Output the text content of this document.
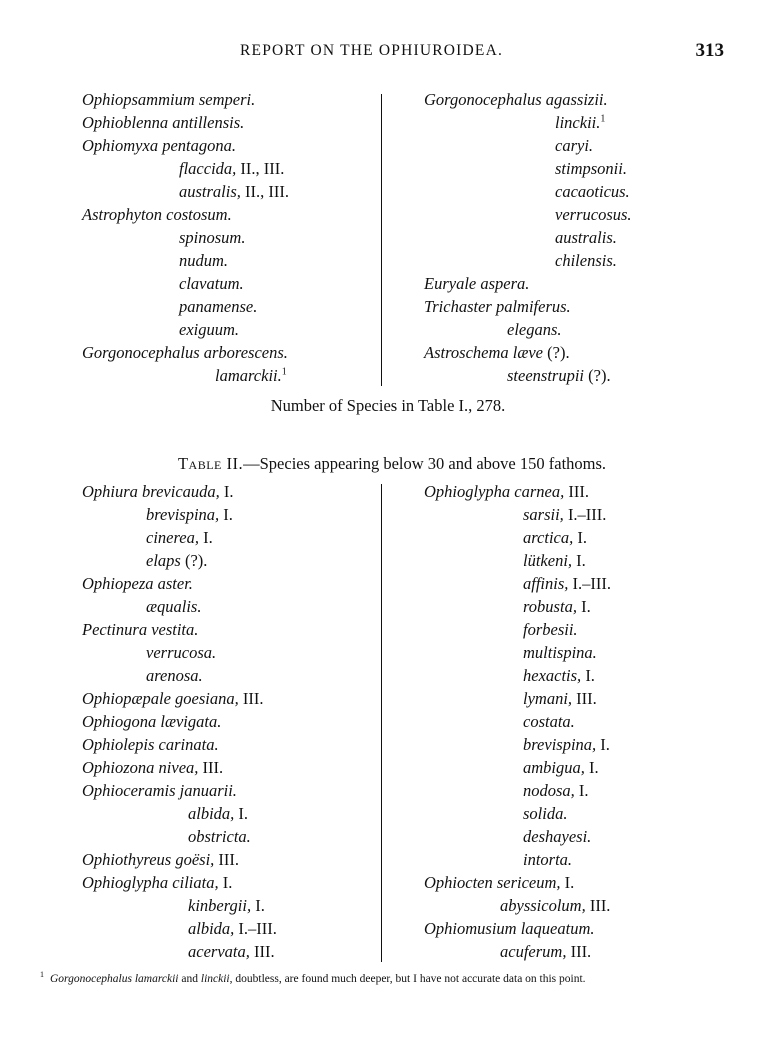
REPORT ON THE OPHIUROIDEA.	313
Ophiopsammium semperi.
Ophioblenna antillensis.
Ophiomyxa pentagona.
flaccida, II., III.
australis, II., III.
Astrophyton costosum.
spinosum.
nudum.
clavatum.
panamense.
exiguum.
Gorgonocephalus arborescens.
lamarckii.$^1$
Gorgonocephalus agassizii.
linckii.$^1$
caryi.
stimpsonii.
cacaoticus.
verrucosus.
australis.
chilensis.
Euryale aspera.
Trichaster palmiferus.
elegans.
Astroschema læve (?).
steenstrupii (?).
Number of Species in Table I., 278.
Table II.—Species appearing below 30 and above 150 fathoms.
Ophiura brevicauda, I.
brevispina, I.
cinerea, I.
elaps (?).
Ophiopeza aster.
æqualis.
Pectinura vestita.
verrucosa.
arenosa.
Ophiopæpale goesiana, III.
Ophiogona lævigata.
Ophiolepis carinata.
Ophiozona nivea, III.
Ophioceramis januarii.
albida, I.
obstricta.
Ophiothyreus goësi, III.
Ophioglypha ciliata, I.
kinbergii, I.
albida, I.–III.
acervata, III.
Ophioglypha carnea, III.
sarsii, I.–III.
arctica, I.
lütkeni, I.
affinis, I.–III.
robusta, I.
forbesii.
multispina.
hexactis, I.
lymani, III.
costata.
brevispina, I.
ambigua, I.
nodosa, I.
solida.
deshayesi.
intorta.
Ophiocten sericeum, I.
abyssicolum, III.
Ophiomusium laqueatum.
acuferum, III.
$^1$ Gorgonocephalus lamarckii and linckii, doubtless, are found much deeper, but I have not accurate data on this point.
